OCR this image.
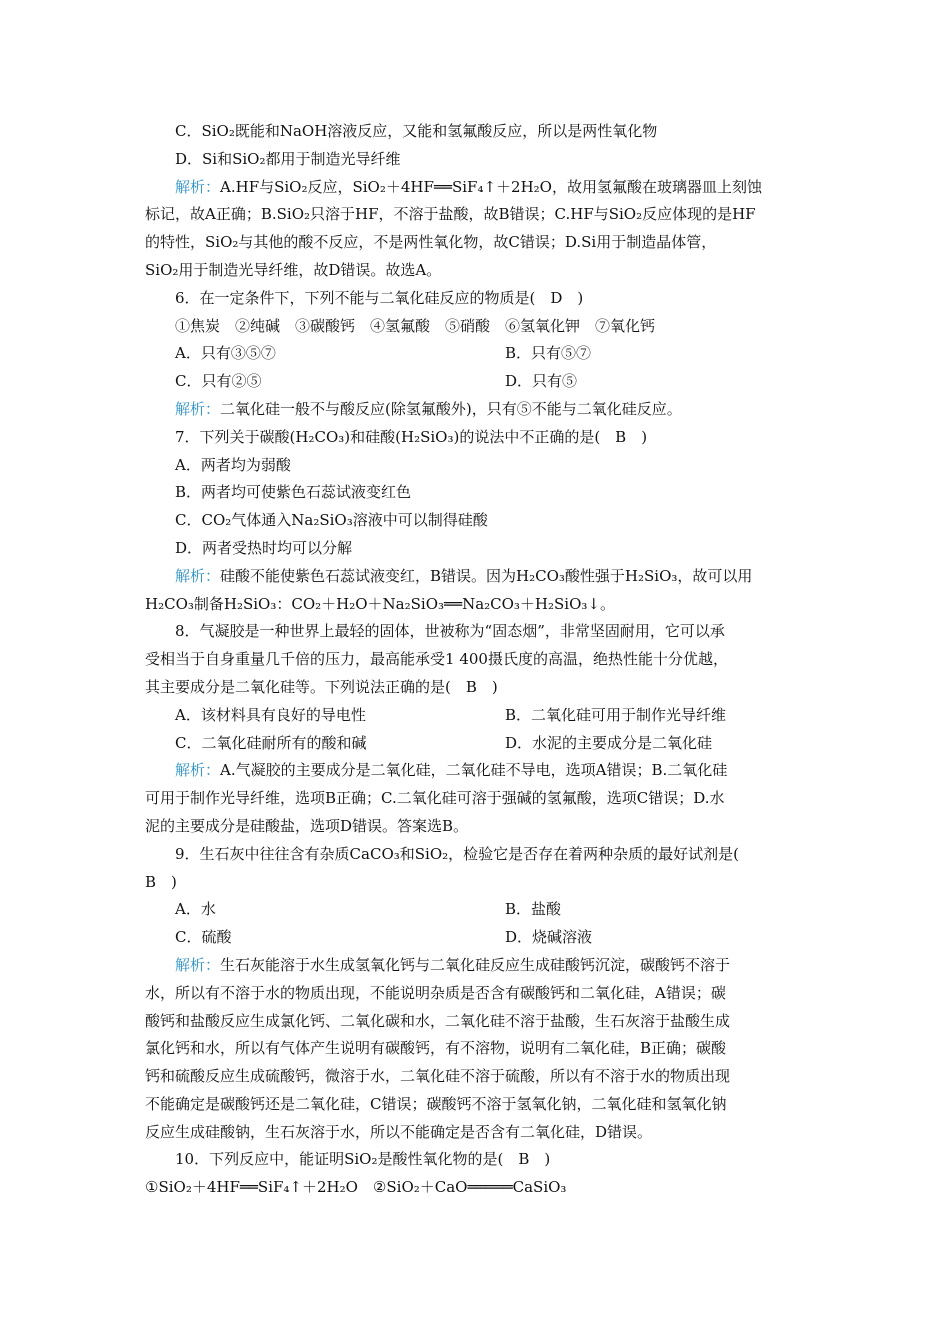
C．SiO₂既能和NaOH溶液反应，又能和氢氟酸反应，所以是两性氧化物
D．Si和SiO₂都用于制造光导纤维
解析：A.HF与SiO₂反应，SiO₂＋4HF══SiF₄↑＋2H₂O，故用氢氟酸在玻璃器皿上刻蚀
标记，故A正确；B.SiO₂只溶于HF，不溶于盐酸，故B错误；C.HF与SiO₂反应体现的是HF
的特性，SiO₂与其他的酸不反应，不是两性氧化物，故C错误；D.Si用于制造晶体管，
SiO₂用于制造光导纤维，故D错误。故选A。
6．在一定条件下，下列不能与二氧化硅反应的物质是(　D　)
①焦炭　②纯碱　③碳酸钙　④氢氟酸　⑤硝酸　⑥氢氧化钾　⑦氧化钙
A．只有③⑤⑦	B．只有⑤⑦
C．只有②⑤	D．只有⑤
解析：二氧化硅一般不与酸反应(除氢氟酸外)，只有⑤不能与二氧化硅反应。
7．下列关于碳酸(H₂CO₃)和硅酸(H₂SiO₃)的说法中不正确的是(　B　)
A．两者均为弱酸
B．两者均可使紫色石蕊试液变红色
C．CO₂气体通入Na₂SiO₃溶液中可以制得硅酸
D．两者受热时均可以分解
解析：硅酸不能使紫色石蕊试液变红，B错误。因为H₂CO₃酸性强于H₂SiO₃，故可以用
H₂CO₃制备H₂SiO₃：CO₂＋H₂O＋Na₂SiO₃══Na₂CO₃＋H₂SiO₃↓。
8．气凝胶是一种世界上最轻的固体，世被称为“固态烟”，非常坚固耐用，它可以承
受相当于自身重量几千倍的压力，最高能承受1 400摄氏度的高温，绝热性能十分优越，
其主要成分是二氧化硅等。下列说法正确的是(　B　)
A．该材料具有良好的导电性	B．二氧化硅可用于制作光导纤维
C．二氧化硅耐所有的酸和碱	D．水泥的主要成分是二氧化硅
解析：A.气凝胶的主要成分是二氧化硅，二氧化硅不导电，选项A错误；B.二氧化硅
可用于制作光导纤维，选项B正确；C.二氧化硅可溶于强碱的氢氟酸，选项C错误；D.水
泥的主要成分是硅酸盐，选项D错误。答案选B。
9．生石灰中往往含有杂质CaCO₃和SiO₂，检验它是否存在着两种杂质的最好试剂是(
B　)
A．水	B．盐酸
C．硫酸	D．烧碱溶液
解析：生石灰能溶于水生成氢氧化钙与二氧化硅反应生成硅酸钙沉淀，碳酸钙不溶于
水，所以有不溶于水的物质出现，不能说明杂质是否含有碳酸钙和二氧化硅，A错误；碳
酸钙和盐酸反应生成氯化钙、二氧化碳和水，二氧化硅不溶于盐酸，生石灰溶于盐酸生成
氯化钙和水，所以有气体产生说明有碳酸钙，有不溶物，说明有二氧化硅，B正确；碳酸
钙和硫酸反应生成硫酸钙，微溶于水，二氧化硅不溶于硫酸，所以有不溶于水的物质出现
不能确定是碳酸钙还是二氧化硅，C错误；碳酸钙不溶于氢氧化钠，二氧化硅和氢氧化钠
反应生成硅酸钠，生石灰溶于水，所以不能确定是否含有二氧化硅，D错误。
10．下列反应中，能证明SiO₂是酸性氧化物的是(　B　)
①SiO₂＋4HF══SiF₄↑＋2H₂O　②SiO₂＋CaO═════CaSiO₃
